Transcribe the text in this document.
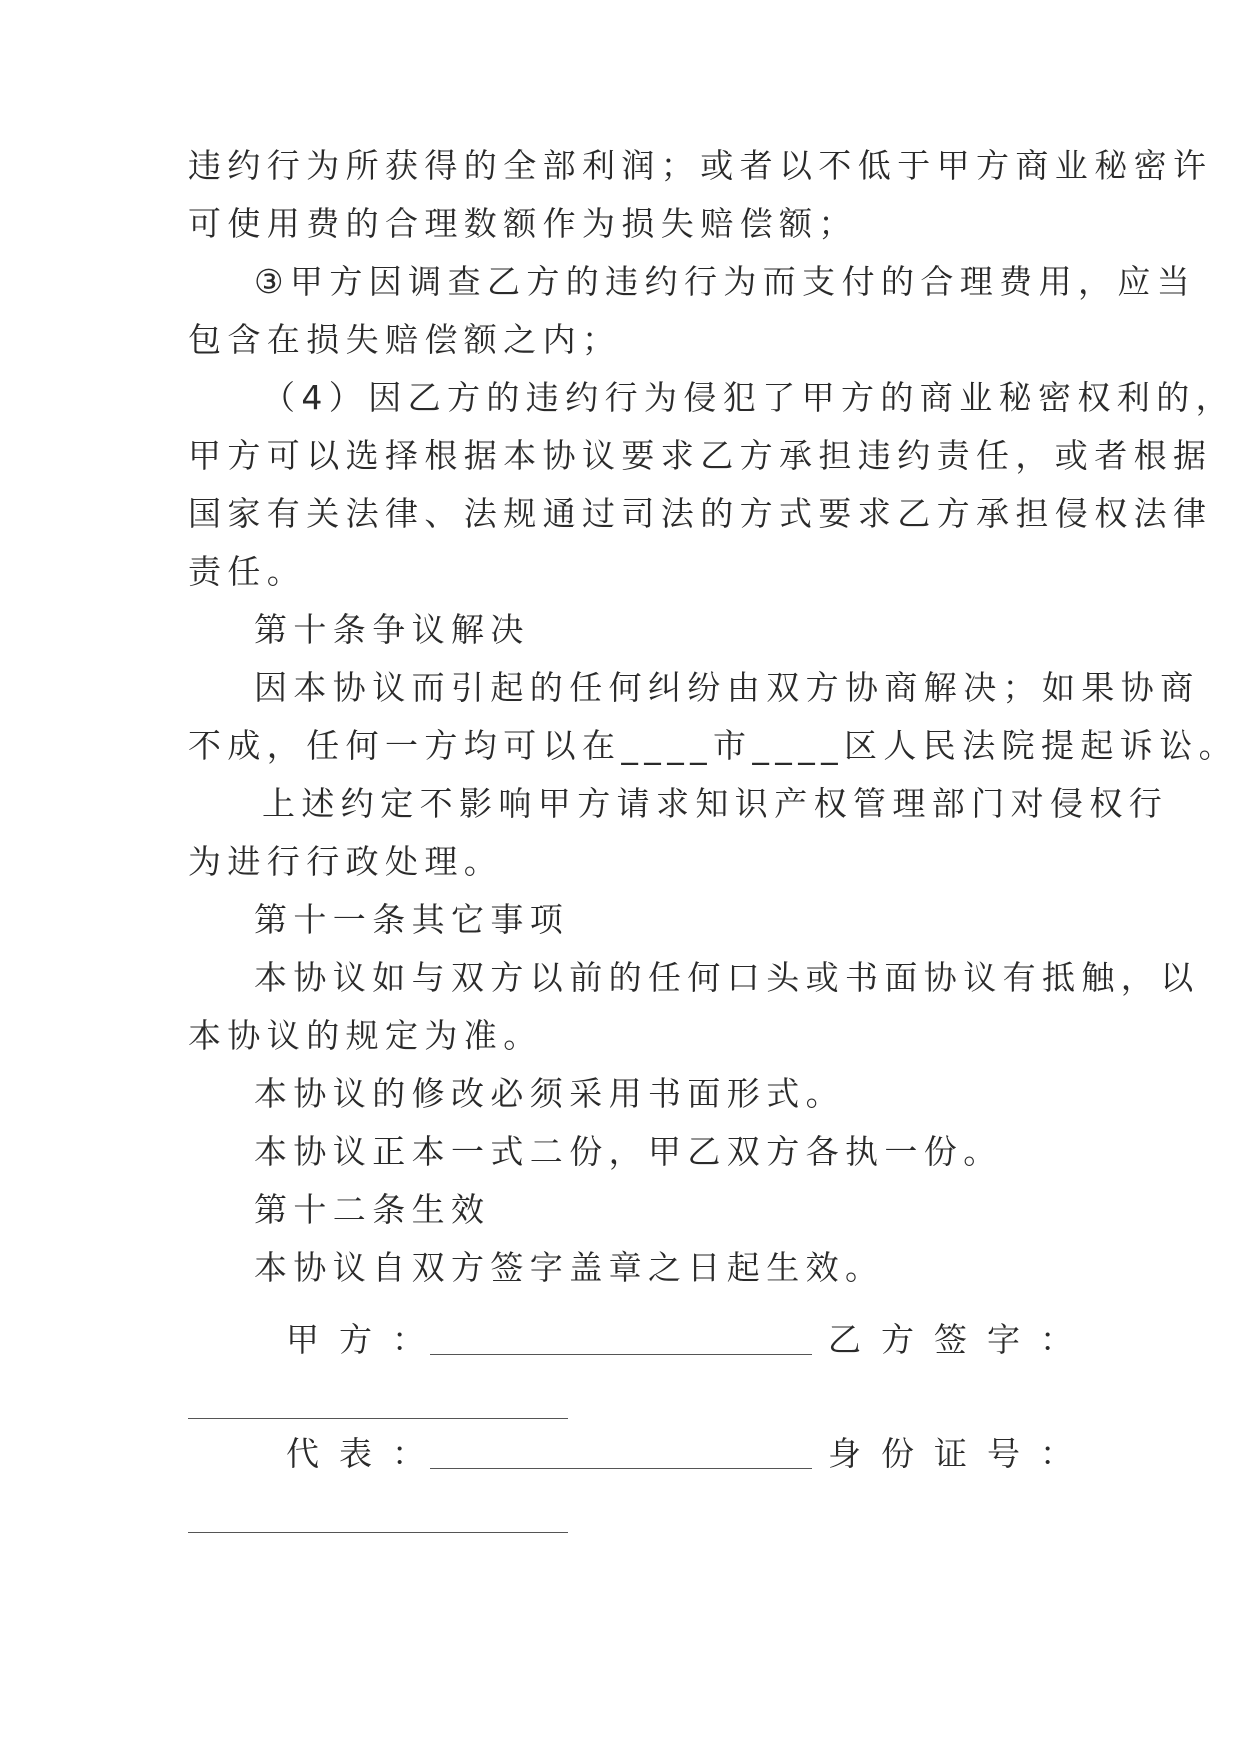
违约行为所获得的全部利润；或者以不低于甲方商业秘密许
可使用费的合理数额作为损失赔偿额；
③甲方因调查乙方的违约行为而支付的合理费用，应当
包含在损失赔偿额之内；
（4）因乙方的违约行为侵犯了甲方的商业秘密权利的，
甲方可以选择根据本协议要求乙方承担违约责任，或者根据
国家有关法律、法规通过司法的方式要求乙方承担侵权法律
责任。
第十条争议解决
因本协议而引起的任何纠纷由双方协商解决；如果协商
不成，任何一方均可以在____市____区人民法院提起诉讼。
上述约定不影响甲方请求知识产权管理部门对侵权行
为进行行政处理。
第十一条其它事项
本协议如与双方以前的任何口头或书面协议有抵触，以
本协议的规定为准。
本协议的修改必须采用书面形式。
本协议正本一式二份，甲乙双方各执一份。
第十二条生效
本协议自双方签字盖章之日起生效。
甲方：	乙方签字：
代表：	身份证号：
